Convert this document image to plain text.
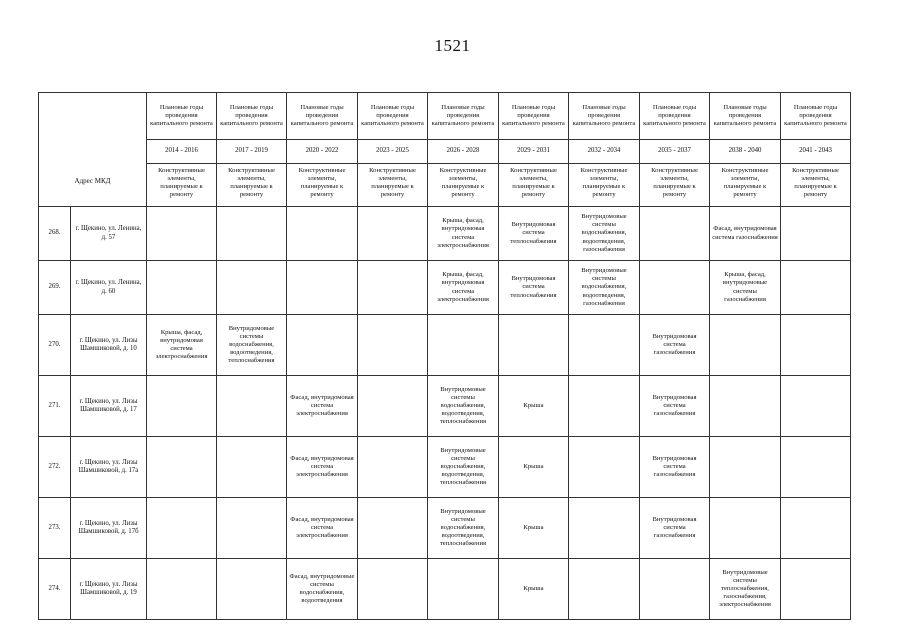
1521
Адрес МКД		Плановые годы проведения капитального ремонта	Плановые годы проведения капитального ремонта	Плановые годы проведения капитального ремонта	Плановые годы проведения капитального ремонта	Плановые годы проведения капитального ремонта	Плановые годы проведения капитального ремонта	Плановые годы проведения капитального ремонта	Плановые годы проведения капитального ремонта	Плановые годы проведения капитального ремонта	Плановые годы проведения капитального ремонта
		2014 - 2016	2017 - 2019	2020 - 2022	2023 - 2025	2026 - 2028	2029 - 2031	2032 - 2034	2035 - 2037	2038 - 2040	2041 - 2043
		Конструктивные элементы, планируемые к ремонту	Конструктивные элементы, планируемые к ремонту	Конструктивные элементы, планируемые к ремонту	Конструктивные элементы, планируемые к ремонту	Конструктивные элементы, планируемые к ремонту	Конструктивные элементы, планируемые к ремонту	Конструктивные элементы, планируемые к ремонту	Конструктивные элементы, планируемые к ремонту	Конструктивные элементы, планируемые к ремонту	Конструктивные элементы, планируемые к ремонту
268.	г. Щекино, ул. Ленина, д. 57					Крыша, фасад, внутридомовая система электроснабжения	Внутридомовая система теплоснабжения	Внутридомовые системы водоснабжения, водоотведения, газоснабжения		Фасад, внутридомовая система газоснабжения	
269.	г. Щекино, ул. Ленина, д. 60					Крыша, фасад, внутридомовая система электроснабжения	Внутридомовая система теплоснабжения	Внутридомовые системы водоснабжения, водоотведения, газоснабжения		Крыша, фасад, внутридомовые системы газоснабжения	
270.	г. Щекино, ул. Лизы Шамшиковой, д. 10	Крыша, фасад, внутридомовая система электроснабжения	Внутридомовые системы водоснабжения, водоотведения, теплоснабжения						Внутридомовая система газоснабжения		
271.	г. Щекино, ул. Лизы Шамшиковой, д. 17			Фасад, внутридомовая система электроснабжения		Внутридомовые системы водоснабжения, водоотведения, теплоснабжения	Крыша		Внутридомовая система газоснабжения		
272.	г. Щекино, ул. Лизы Шамшиковой, д. 17а			Фасад, внутридомовая система электроснабжения		Внутридомовые системы водоснабжения, водоотведения, теплоснабжения	Крыша		Внутридомовая система газоснабжения		
273.	г. Щекино, ул. Лизы Шамшиковой, д. 17б			Фасад, внутридомовая система электроснабжения		Внутридомовые системы водоснабжения, водоотведения, теплоснабжения	Крыша		Внутридомовая система газоснабжения		
274.	г. Щекино, ул. Лизы Шамшиковой, д. 19			Фасад, внутридомовые системы водоснабжения, водоотведения			Крыша			Внутридомовые системы теплоснабжения, газоснабжения, электроснабжения	
